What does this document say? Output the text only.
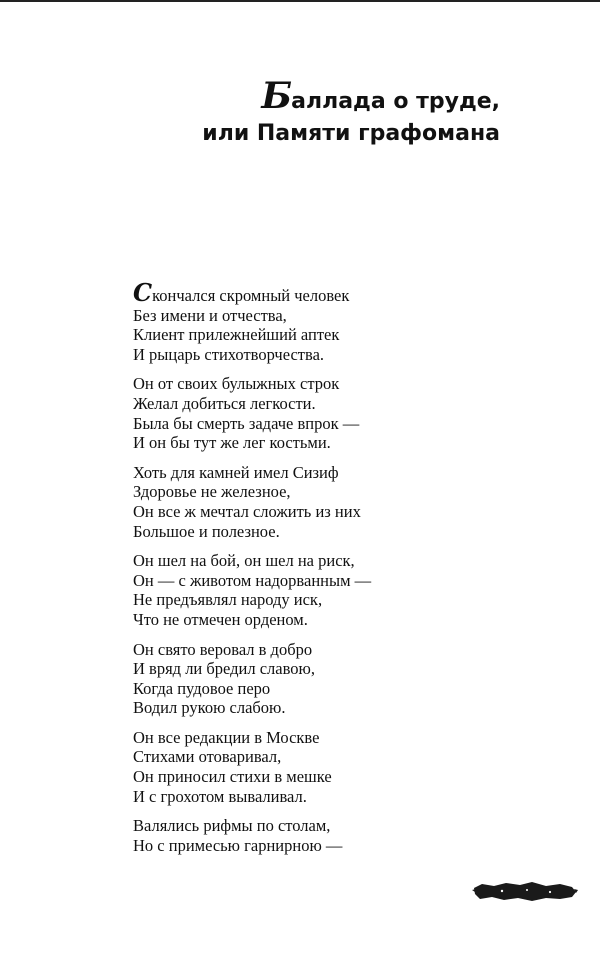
Баллада о труде,
или Памяти графомана
Скончался скромный человек
Без имени и отчества,
Клиент прилежнейший аптек
И рыцарь стихотворчества.
Он от своих булыжных строк
Желал добиться легкости.
Была бы смерть задаче впрок —
И он бы тут же лег костьми.
Хоть для камней имел Сизиф
Здоровье не железное,
Он все ж мечтал сложить из них
Большое и полезное.
Он шел на бой, он шел на риск,
Он — с животом надорванным —
Не предъявлял народу иск,
Что не отмечен орденом.
Он свято веровал в добро
И вряд ли бредил славою,
Когда пудовое перо
Водил рукою слабою.
Он все редакции в Москве
Стихами отоваривал,
Он приносил стихи в мешке
И с грохотом вываливал.
Валялись рифмы по столам,
Но с примесью гарнирною —
